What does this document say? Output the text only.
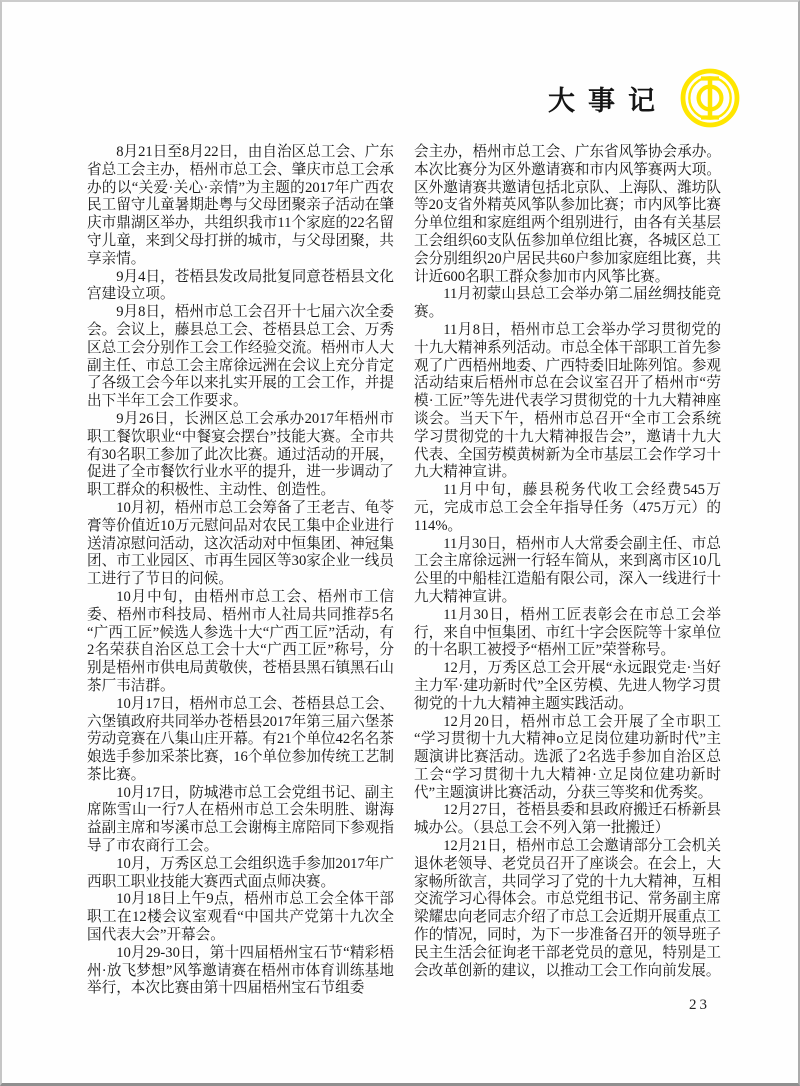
大事记

8月21日至8月22日，由自治区总工会、广东省总工会主办，梧州市总工会、肇庆市总工会承办的以“关爱·关心·亲情”为主题的2017年广西农民工留守儿童暑期赴粤与父母团聚亲子活动在肇庆市鼎湖区举办，共组织我市11个家庭的22名留守儿童，来到父母打拼的城市，与父母团聚，共享亲情。

9月4日，苍梧县发改局批复同意苍梧县文化宫建设立项。

9月8日，梧州市总工会召开十七届六次全委会。会议上，藤县总工会、苍梧县总工会、万秀区总工会分别作工会工作经验交流。梧州市人大副主任、市总工会主席徐远洲在会议上充分肯定了各级工会今年以来扎实开展的工会工作，并提出下半年工会工作要求。

9月26日，长洲区总工会承办2017年梧州市职工餐饮职业“中餐宴会摆台”技能大赛。全市共有30名职工参加了此次比赛。通过活动的开展，促进了全市餐饮行业水平的提升，进一步调动了职工群众的积极性、主动性、创造性。

10月初，梧州市总工会筹备了王老吉、龟苓膏等价值近10万元慰问品对农民工集中企业进行送清凉慰问活动，这次活动对中恒集团、神冠集团、市工业园区、市再生园区等30家企业一线员工进行了节日的问候。

10月中旬，由梧州市总工会、梧州市工信委、梧州市科技局、梧州市人社局共同推荐5名“广西工匠”候选人参选十大“广西工匠”活动，有2名荣获自治区总工会十大“广西工匠”称号，分别是梧州市供电局黄敬侠，苍梧县黑石镇黑石山茶厂韦洁群。

10月17日，梧州市总工会、苍梧县总工会、六堡镇政府共同举办苍梧县2017年第三届六堡茶劳动竞赛在八集山庄开幕。有21个单位42名名茶娘选手参加采茶比赛，16个单位参加传统工艺制茶比赛。

10月17日，防城港市总工会党组书记、副主席陈雪山一行7人在梧州市总工会朱明胜、谢海益副主席和岑溪市总工会谢梅主席陪同下参观指导了市农商行工会。

10月，万秀区总工会组织选手参加2017年广西职工职业技能大赛西式面点师决赛。

10月18日上午9点，梧州市总工会全体干部职工在12楼会议室观看“中国共产党第十九次全国代表大会”开幕会。

10月29-30日，第十四届梧州宝石节“精彩梧州·放飞梦想”风筝邀请赛在梧州市体育训练基地举行，本次比赛由第十四届梧州宝石节组委

会主办，梧州市总工会、广东省风筝协会承办。本次比赛分为区外邀请赛和市内风筝赛两大项。区外邀请赛共邀请包括北京队、上海队、潍坊队等20支省外精英风筝队参加比赛；市内风筝比赛分单位组和家庭组两个组别进行，由各有关基层工会组织60支队伍参加单位组比赛，各城区总工会分别组织20户居民共60户参加家庭组比赛，共计近600名职工群众参加市内风筝比赛。

11月初蒙山县总工会举办第二届丝绸技能竞赛。

11月8日，梧州市总工会举办学习贯彻党的十九大精神系列活动。市总全体干部职工首先参观了广西梧州地委、广西特委旧址陈列馆。参观活动结束后梧州市总在会议室召开了梧州市“劳模·工匠”等先进代表学习贯彻党的十九大精神座谈会。当天下午，梧州市总召开“全市工会系统学习贯彻党的十九大精神报告会”，邀请十九大代表、全国劳模黄树新为全市基层工会作学习十九大精神宣讲。

11月中旬，藤县税务代收工会经费545万元，完成市总工会全年指导任务（475万元）的114%。

11月30日，梧州市人大常委会副主任、市总工会主席徐远洲一行轻车简从，来到离市区10几公里的中船桂江造船有限公司，深入一线进行十九大精神宣讲。

11月30日，梧州工匠表彰会在市总工会举行，来自中恒集团、市红十字会医院等十家单位的十名职工被授予“梧州工匠”荣誉称号。

12月，万秀区总工会开展“永远跟党走·当好主力军·建功新时代”全区劳模、先进人物学习贯彻党的十九大精神主题实践活动。

12月20日，梧州市总工会开展了全市职工“学习贯彻十九大精神o立足岗位建功新时代”主题演讲比赛活动。选派了2名选手参加自治区总工会“学习贯彻十九大精神·立足岗位建功新时代”主题演讲比赛活动，分获三等奖和优秀奖。

12月27日，苍梧县委和县政府搬迁石桥新县城办公。（县总工会不列入第一批搬迁）

12月21日，梧州市总工会邀请部分工会机关退休老领导、老党员召开了座谈会。在会上，大家畅所欲言，共同学习了党的十九大精神，互相交流学习心得体会。市总党组书记、常务副主席梁耀忠向老同志介绍了市总工会近期开展重点工作的情况，同时，为下一步准备召开的领导班子民主生活会征询老干部老党员的意见，特别是工会改革创新的建议，以推动工会工作向前发展。

23
